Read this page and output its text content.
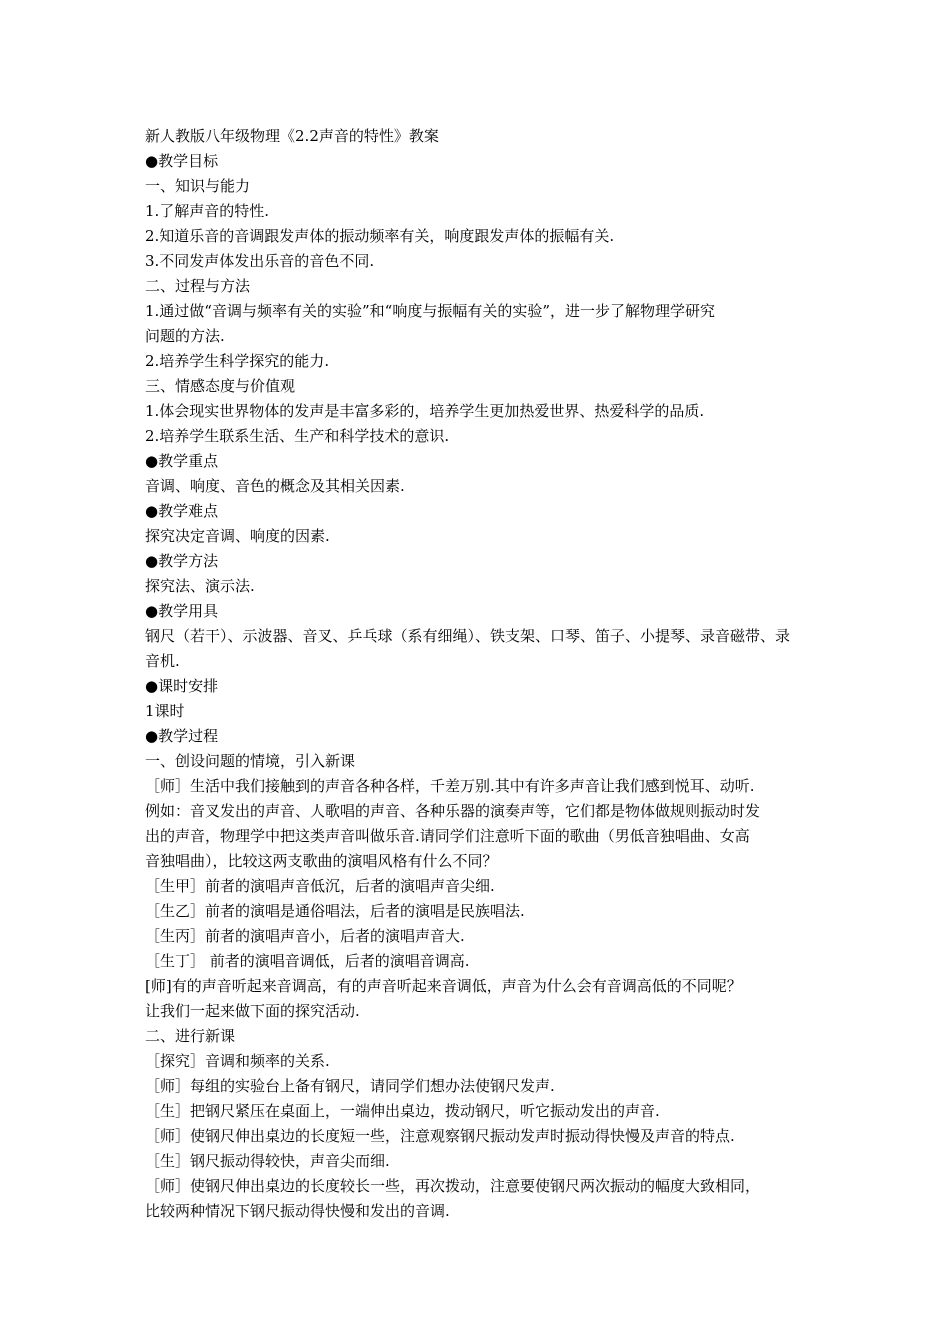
新人教版八年级物理《2.2声音的特性》教案
●教学目标
一、知识与能力
1.了解声音的特性.
2.知道乐音的音调跟发声体的振动频率有关，响度跟发声体的振幅有关.
3.不同发声体发出乐音的音色不同.
二、过程与方法
1.通过做“音调与频率有关的实验”和“响度与振幅有关的实验”，进一步了解物理学研究
问题的方法.
2.培养学生科学探究的能力.
三、情感态度与价值观
1.体会现实世界物体的发声是丰富多彩的，培养学生更加热爱世界、热爱科学的品质.
2.培养学生联系生活、生产和科学技术的意识.
●教学重点
音调、响度、音色的概念及其相关因素.
●教学难点
探究决定音调、响度的因素.
●教学方法
探究法、演示法.
●教学用具
钢尺（若干）、示波器、音叉、乒乓球（系有细绳）、铁支架、口琴、笛子、小提琴、录音磁带、录
音机.
●课时安排
1课时
●教学过程
一、创设问题的情境，引入新课
［师］生活中我们接触到的声音各种各样，千差万别.其中有许多声音让我们感到悦耳、动听.
例如：音叉发出的声音、人歌唱的声音、各种乐器的演奏声等，它们都是物体做规则振动时发
出的声音，物理学中把这类声音叫做乐音.请同学们注意听下面的歌曲（男低音独唱曲、女高
音独唱曲），比较这两支歌曲的演唱风格有什么不同？
［生甲］前者的演唱声音低沉，后者的演唱声音尖细.
［生乙］前者的演唱是通俗唱法，后者的演唱是民族唱法.
［生丙］前者的演唱声音小，后者的演唱声音大.
［生丁］ 前者的演唱音调低，后者的演唱音调高.
[师]有的声音听起来音调高，有的声音听起来音调低，声音为什么会有音调高低的不同呢？
让我们一起来做下面的探究活动.
二、进行新课
［探究］音调和频率的关系.
［师］每组的实验台上备有钢尺，请同学们想办法使钢尺发声.
［生］把钢尺紧压在桌面上，一端伸出桌边，拨动钢尺，听它振动发出的声音.
［师］使钢尺伸出桌边的长度短一些，注意观察钢尺振动发声时振动得快慢及声音的特点.
［生］钢尺振动得较快，声音尖而细.
［师］使钢尺伸出桌边的长度较长一些，再次拨动，注意要使钢尺两次振动的幅度大致相同，
比较两种情况下钢尺振动得快慢和发出的音调.
